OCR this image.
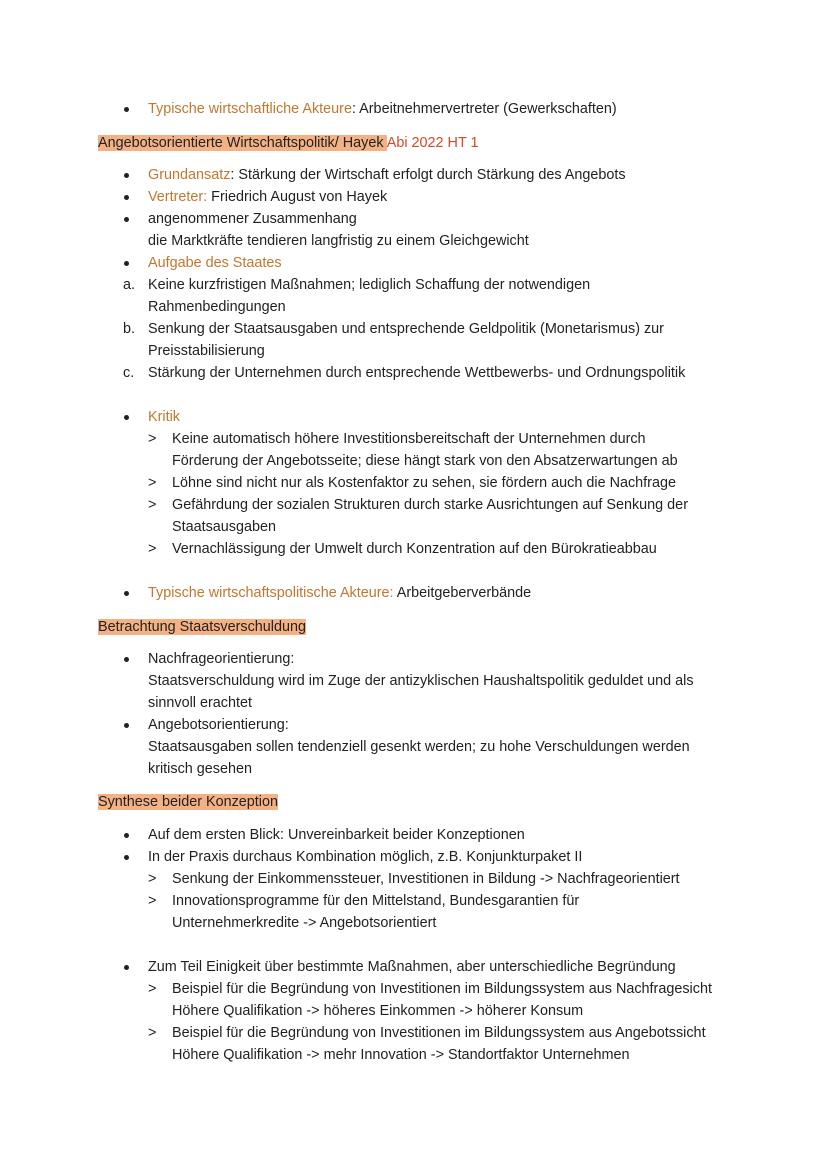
Typische wirtschaftliche Akteure: Arbeitnehmervertreter (Gewerkschaften)
Angebotsorientierte Wirtschaftspolitik/ Hayek Abi 2022 HT 1
Grundansatz: Stärkung der Wirtschaft erfolgt durch Stärkung des Angebots
Vertreter: Friedrich August von Hayek
angenommener Zusammenhang
die Marktkräfte tendieren langfristig zu einem Gleichgewicht
Aufgabe des Staates
a. Keine kurzfristigen Maßnahmen; lediglich Schaffung der notwendigen
Rahmenbedingungen
b. Senkung der Staatsausgaben und entsprechende Geldpolitik (Monetarismus) zur
Preisstabilisierung
c. Stärkung der Unternehmen durch entsprechende Wettbewerbs- und Ordnungspolitik
Kritik
> Keine automatisch höhere Investitionsbereitschaft der Unternehmen durch
Förderung der Angebotsseite; diese hängt stark von den Absatzerwartungen ab
> Löhne sind nicht nur als Kostenfaktor zu sehen, sie fördern auch die Nachfrage
> Gefährdung der sozialen Strukturen durch starke Ausrichtungen auf Senkung der
Staatsausgaben
> Vernachlässigung der Umwelt durch Konzentration auf den Bürokratieabbau
Typische wirtschaftspolitische Akteure: Arbeitgeberverbände
Betrachtung Staatsverschuldung
Nachfrageorientierung:
Staatsverschuldung wird im Zuge der antizyklischen Haushaltspolitik geduldet und als
sinnvoll erachtet
Angebotsorientierung:
Staatsausgaben sollen tendenziell gesenkt werden; zu hohe Verschuldungen werden
kritisch gesehen
Synthese beider Konzeption
Auf dem ersten Blick: Unvereinbarkeit beider Konzeptionen
In der Praxis durchaus Kombination möglich, z.B. Konjunkturpaket II
> Senkung der Einkommenssteuer, Investitionen in Bildung -> Nachfrageorientiert
> Innovationsprogramme für den Mittelstand, Bundesgarantien für
Unternehmerkredite -> Angebotsorientiert
Zum Teil Einigkeit über bestimmte Maßnahmen, aber unterschiedliche Begründung
> Beispiel für die Begründung von Investitionen im Bildungssystem aus Nachfragesicht
Höhere Qualifikation -> höheres Einkommen -> höherer Konsum
> Beispiel für die Begründung von Investitionen im Bildungssystem aus Angebotssicht
Höhere Qualifikation -> mehr Innovation -> Standortfaktor Unternehmen
